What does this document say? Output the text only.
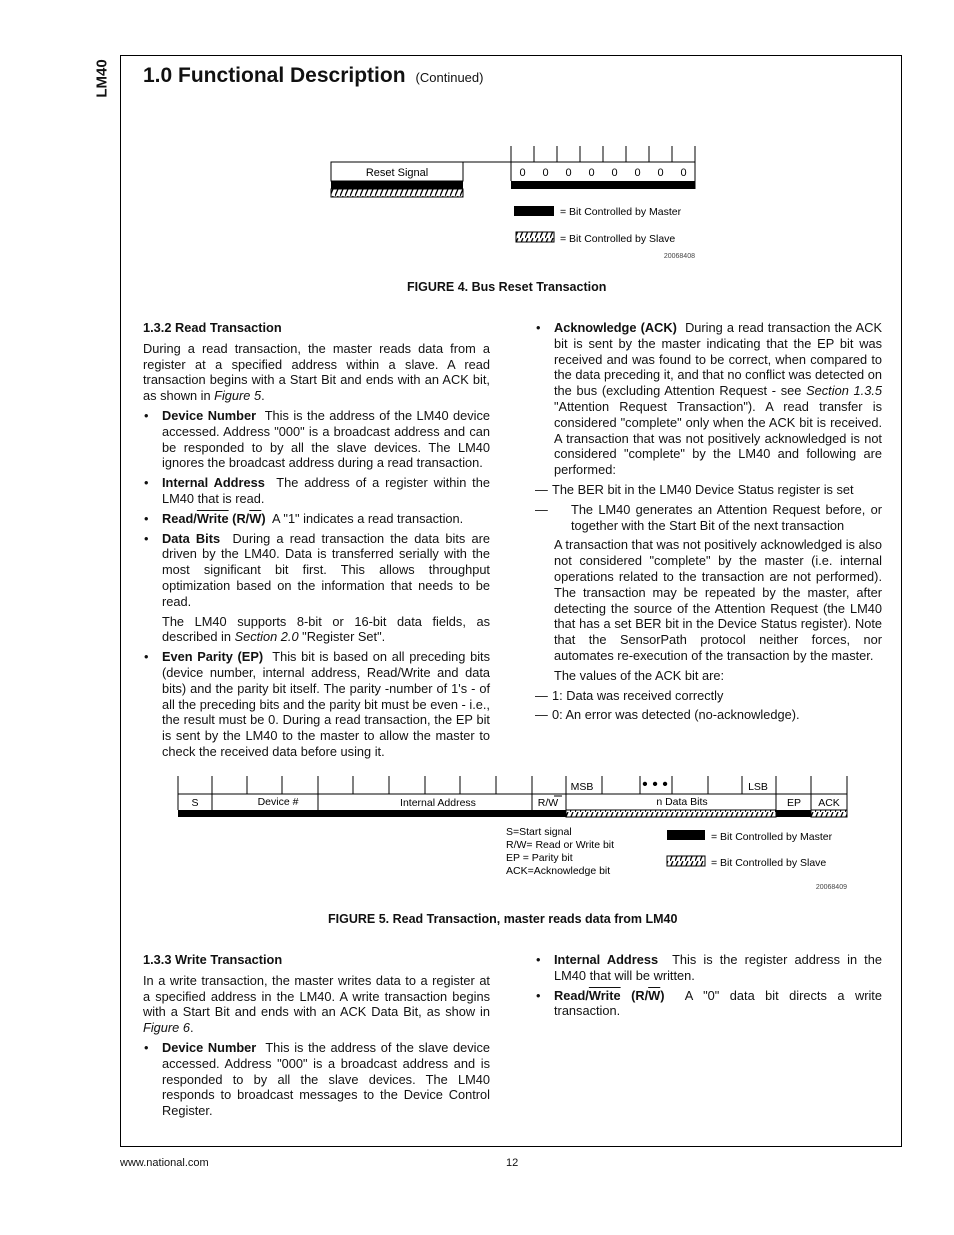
LM40 1.0 Functional Description (Continued)
Reset Signal	0 0 0 0 0 0 0 0
= Bit Controlled by Master
= Bit Controlled by Slave
20068408
FIGURE 4. Bus Reset Transaction
1.3.2 Read Transaction

During a read transaction, the master reads data from a register at a specified address within a slave. A read transaction begins with a Start Bit and ends with an ACK bit, as shown in Figure 5.

• Device Number This is the address of the LM40 device accessed. Address "000" is a broadcast address and can be responded to by all the slave devices. The LM40 ignores the broadcast address during a read transaction.
• Internal Address The address of a register within the LM40 that is read.
• Read/Write $(R/\overline{W})$ A "1" indicates a read transaction.
• Data Bits During a read transaction the data bits are driven by the LM40. Data is transferred serially with the most significant bit first. This allows throughput optimization based on the information that needs to be read.

The LM40 supports 8-bit or 16-bit data fields, as described in Section 2.0 "Register Set".

• Even Parity (EP) This bit is based on all preceding bits (device number, internal address, Read/Write and data bits) and the parity bit itself. The parity -number of 1's - of all the preceding bits and the parity bit must be even - i.e., the result must be 0. During a read transaction, the EP bit is sent by the LM40 to the master to allow the master to check the received data before using it.
• Acknowledge (ACK) During a read transaction the ACK bit is sent by the master indicating that the EP bit was received and was found to be correct, when compared to the data preceding it, and that no conflict was detected on the bus (excluding Attention Request - see Section 1.3.5 "Attention Request Transaction"). A read transfer is considered "complete" only when the ACK bit is received. A transaction that was not positively acknowledged is not considered "complete" by the LM40 and following are performed:
— The BER bit in the LM40 Device Status register is set
— The LM40 generates an Attention Request before, or together with the Start Bit of the next transaction

A transaction that was not positively acknowledged is also not considered "complete" by the master (i.e. internal operations related to the transaction are not performed). The transaction may be repeated by the master, after detecting the source of the Attention Request (the LM40 that has a set BER bit in the Device Status register). Note that the SensorPath protocol neither forces, nor automates re-execution of the transaction by the master.

The values of the ACK bit are:

— 1: Data was received correctly
— 0: An error was detected (no-acknowledge).
S	Device #	Internal Address	R/W
MSB	• • •	LSB
n Data Bits	EP ACK
S=Start signal
R/W= Read or Write bit
EP = Parity bit
ACK=Acknowledge bit
= Bit Controlled by Master
= Bit Controlled by Slave
20068409
FIGURE 5. Read Transaction, master reads data from LM40
1.3.3 Write Transaction

In a write transaction, the master writes data to a register at a specified address in the LM40. A write transaction begins with a Start Bit and ends with an ACK Data Bit, as show in Figure 6.

• Device Number This is the address of the slave device accessed. Address "000" is a broadcast address and is responded to by all the slave devices. The LM40 responds to broadcast messages to the Device Control Register.
• Internal Address This is the register address in the LM40 that will be written.
• Read/Write $(R/\overline{W})$ A "0" data bit directs a write transaction.
www.national.com	12
